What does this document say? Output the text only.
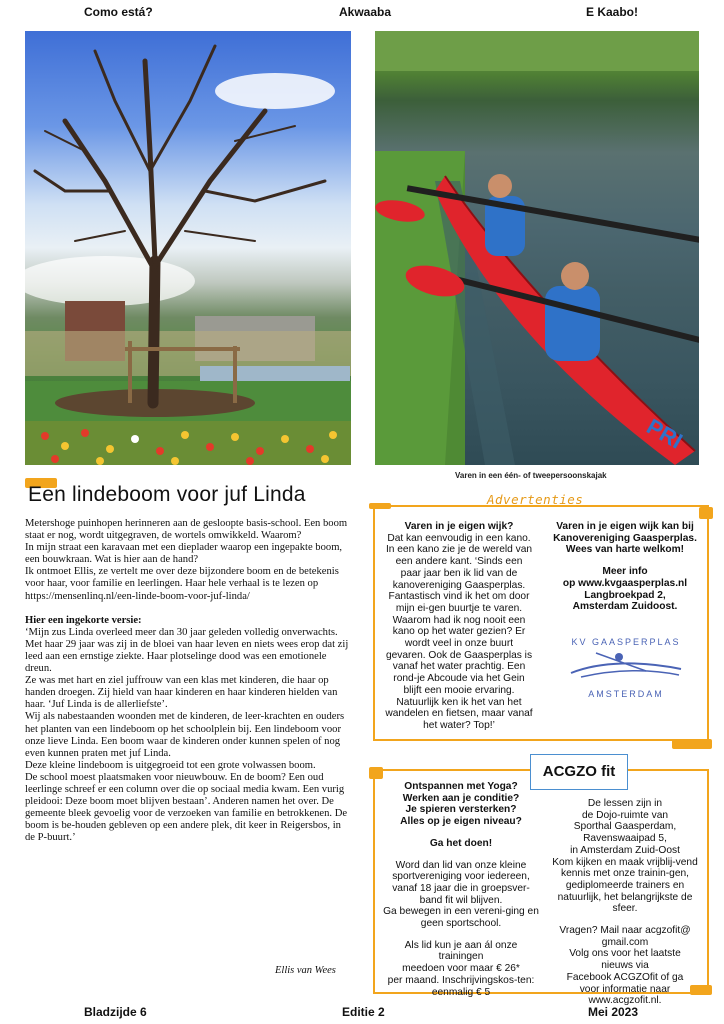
Como está?	Akwaaba	E Kaabo!
PRI
Varen in een één- of tweepersoonskajak
Een lindeboom voor juf Linda

Metershoge puinhopen herinneren aan de gesloopte basis-school. Een boom staat er nog, wordt uitgegraven, de wortels omwikkeld. Waarom?
In mijn straat een karavaan met een dieplader waarop een ingepakte boom, een bouwkraan. Wat is hier aan de hand?
Ik ontmoet Ellis, ze vertelt me over deze bijzondere boom en de betekenis voor haar, voor familie en leerlingen. Haar hele verhaal is te lezen op https://mensenlinq.nl/een-linde-boom-voor-juf-linda/

Hier een ingekorte versie:

‘Mijn zus Linda overleed meer dan 30 jaar geleden volledig onverwachts. Met haar 29 jaar was zij in de bloei van haar leven en niets wees erop dat zij leed aan een ernstige ziekte. Haar plotselinge dood was een emotionele dreun.
Ze was met hart en ziel juffrouw van een klas met kinderen, die haar op handen droegen. Zij hield van haar kinderen en haar kinderen hielden van haar. ‘Juf Linda is de allerliefste’.
Wij als nabestaanden woonden met de kinderen, de leer-krachten en ouders het planten van een lindeboom op het schoolplein bij. Een lindeboom voor onze lieve Linda. Een boom waar de kinderen onder kunnen spelen of nog even kunnen praten met juf Linda.
Deze kleine lindeboom is uitgegroeid tot een grote volwassen boom.
De school moest plaatsmaken voor nieuwbouw. En de boom? Een oud leerlinge schreef er een column over die op sociaal media kwam. Een vurig pleidooi: Deze boom moet blijven bestaan’. Anderen namen het over. De gemeente bleek gevoelig voor de verzoeken van familie en betrokkenen. De boom is be-houden gebleven op een andere plek, dit keer in Reigersbos, in de P-buurt.’

Ellis van Wees
Advertenties
Varen in je eigen wijk?
Dat kan eenvoudig in een kano. In een kano zie je de wereld van een andere kant. ‘Sinds een paar jaar ben ik lid van de kanovereniging Gaasperplas. Fantastisch vind ik het om door mijn ei-gen buurtje te varen. Waarom had ik nog nooit een kano op het water gezien? Er wordt veel in onze buurt gevaren. Ook de Gaasperplas is vanaf het water prachtig. Een rond-je Abcoude via het Gein blijft een mooie ervaring. Natuurlijk ken ik het van het wandelen en fietsen, maar vanaf het water? Top!’
Varen in je eigen wijk kan bij Kanovereniging Gaasperplas.
Wees van harte welkom!
Meer info
op www.kvgaasperplas.nl
Langbroekpad 2,
Amsterdam Zuidoost.
KV GAASPERPLAS
AMSTERDAM
Ontspannen met Yoga?
Werken aan je conditie?
Je spieren versterken?
Alles op je eigen niveau?
Ga het doen!
Word dan lid van onze kleine sportvereniging voor iedereen, vanaf 18 jaar die in groepsver-band fit wil blijven.
Ga bewegen in een vereni-ging en geen sportschool.
Als lid kun je aan ál onze trainingen
meedoen voor maar € 26*
per maand. Inschrijvingskos-ten: eenmalig € 5
De lessen zijn in
de Dojo-ruimte van
Sporthal Gaasperdam,
Ravenswaaipad 5,
in Amsterdam Zuid-Oost
Kom kijken en maak vrijblij-vend kennis met onze trainin-gen, gediplomeerde trainers en natuurlijk, het belangrijkste de sfeer.
Vragen? Mail naar acgzofit@
gmail.com
Volg ons voor het laatste
nieuws via
Facebook ACGZOfit of ga
voor informatie naar
www.acgzofit.nl.
ACGZO fit
Bladzijde 6	Editie 2	Mei 2023
